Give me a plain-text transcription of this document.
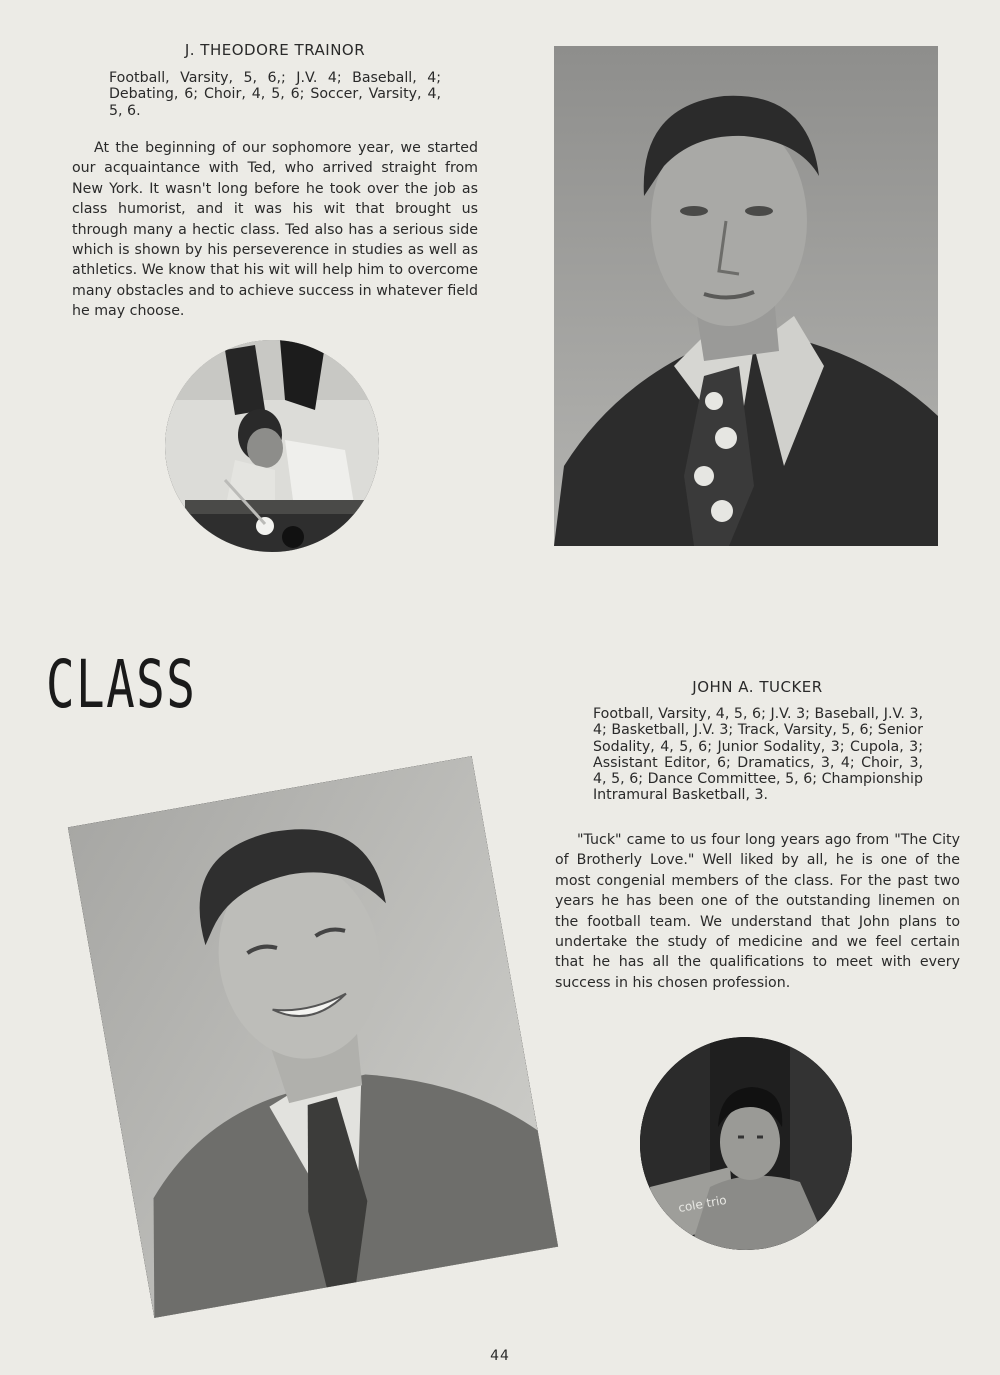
J. THEODORE TRAINOR
Football, Varsity, 5, 6,; J.V. 4; Baseball, 4; Debating, 6; Choir, 4, 5, 6; Soccer, Varsity, 4, 5, 6.
At the beginning of our sophomore year, we started our acquaintance with Ted, who arrived straight from New York. It wasn't long before he took over the job as class humorist, and it was his wit that brought us through many a hectic class. Ted also has a serious side which is shown by his perseverence in studies as well as athletics. We know that his wit will help him to overcome many obstacles and to achieve success in whatever field he may choose.
CLASS	JOHN A. TUCKER
Football, Varsity, 4, 5, 6; J.V. 3; Baseball, J.V. 3, 4; Basketball, J.V. 3; Track, Varsity, 5, 6; Senior Sodality, 4, 5, 6; Junior Sodality, 3; Cupola, 3; Assistant Editor, 6; Dramatics, 3, 4; Choir, 3, 4, 5, 6; Dance Committee, 5, 6; Championship Intramural Basketball, 3.
"Tuck" came to us four long years ago from "The City of Brotherly Love." Well liked by all, he is one of the most congenial members of the class. For the past two years he has been one of the outstanding linemen on the football team. We understand that John plans to undertake the study of medicine and we feel certain that he has all the qualifications to meet with every success in his chosen profession.
cole trio
44
